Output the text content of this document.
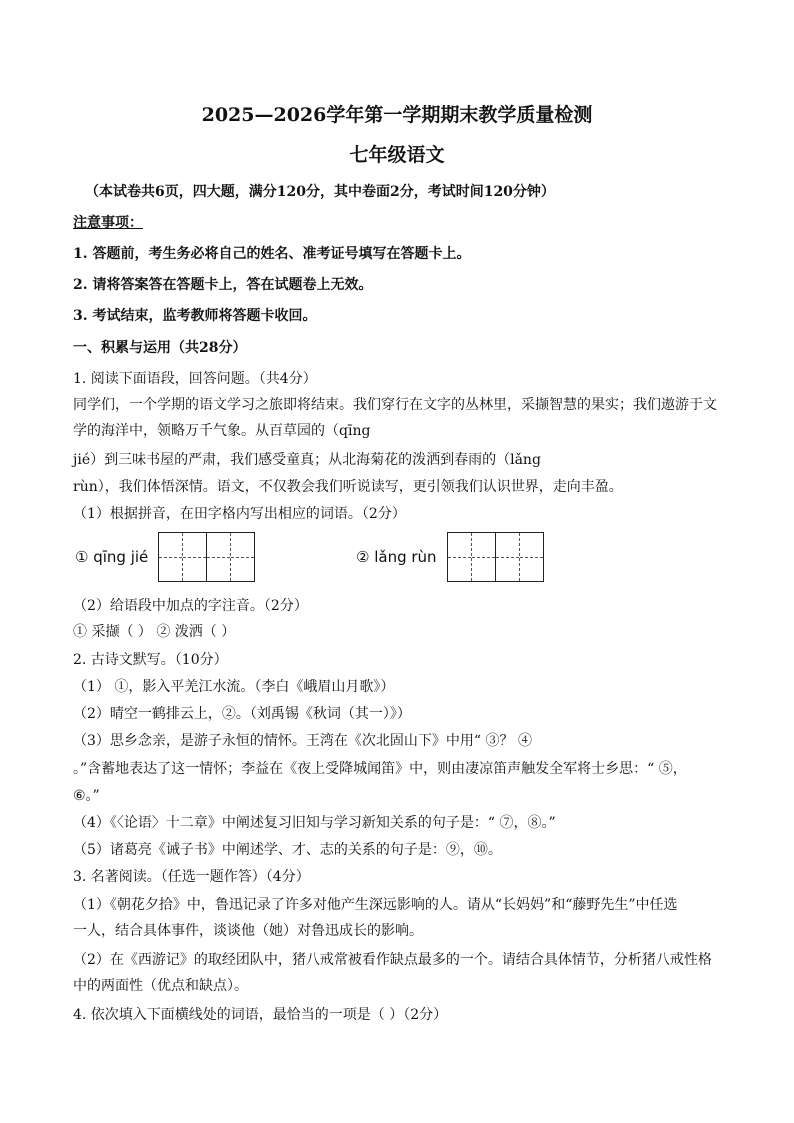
2025—2026学年第一学期期末教学质量检测
七年级语文
（本试卷共6页，四大题，满分120分，其中卷面2分，考试时间120分钟）
注意事项：
1. 答题前，考生务必将自己的姓名、准考证号填写在答题卡上。
2. 请将答案答在答题卡上，答在试题卷上无效。
3. 考试结束，监考教师将答题卡收回。
一、积累与运用（共28分）
1. 阅读下面语段，回答问题。（共4分）
同学们，一个学期的语文学习之旅即将结束。我们穿行在文字的丛林里，采撷智慧的果实；我们遨游于文
学的海洋中，领略万千气象。从百草园的（qīng
jié）到三味书屋的严肃，我们感受童真；从北海菊花的泼洒到春雨的（lǎng
rùn），我们体悟深情。语文，不仅教会我们听说读写，更引领我们认识世界，走向丰盈。
（1）根据拼音，在田字格内写出相应的词语。（2分）
① qīng jié	② lǎng rùn
（2）给语段中加点的字注音。（2分）
① 采撷（ ） ② 泼洒（ ）
2. 古诗文默写。（10分）
（1） ①，影入平羌江水流。（李白《峨眉山月歌》）
（2）晴空一鹤排云上，②。（刘禹锡《秋词（其一）》）
（3）思乡念亲，是游子永恒的情怀。王湾在《次北固山下》中用“ ③？ ④
。”含蓄地表达了这一情怀；李益在《夜上受降城闻笛》中，则由凄凉笛声触发全军将士乡思：“ ⑤，
⑥。”
（4）《〈论语〉十二章》中阐述复习旧知与学习新知关系的句子是：“ ⑦，⑧。”
（5）诸葛亮《诫子书》中阐述学、才、志的关系的句子是：⑨，⑩。
3. 名著阅读。（任选一题作答）（4分）
（1）《朝花夕拾》中，鲁迅记录了许多对他产生深远影响的人。请从“长妈妈”和“藤野先生”中任选
一人，结合具体事件，谈谈他（她）对鲁迅成长的影响。
（2）在《西游记》的取经团队中，猪八戒常被看作缺点最多的一个。请结合具体情节，分析猪八戒性格
中的两面性（优点和缺点）。
4. 依次填入下面横线处的词语，最恰当的一项是（ ）（2分）
